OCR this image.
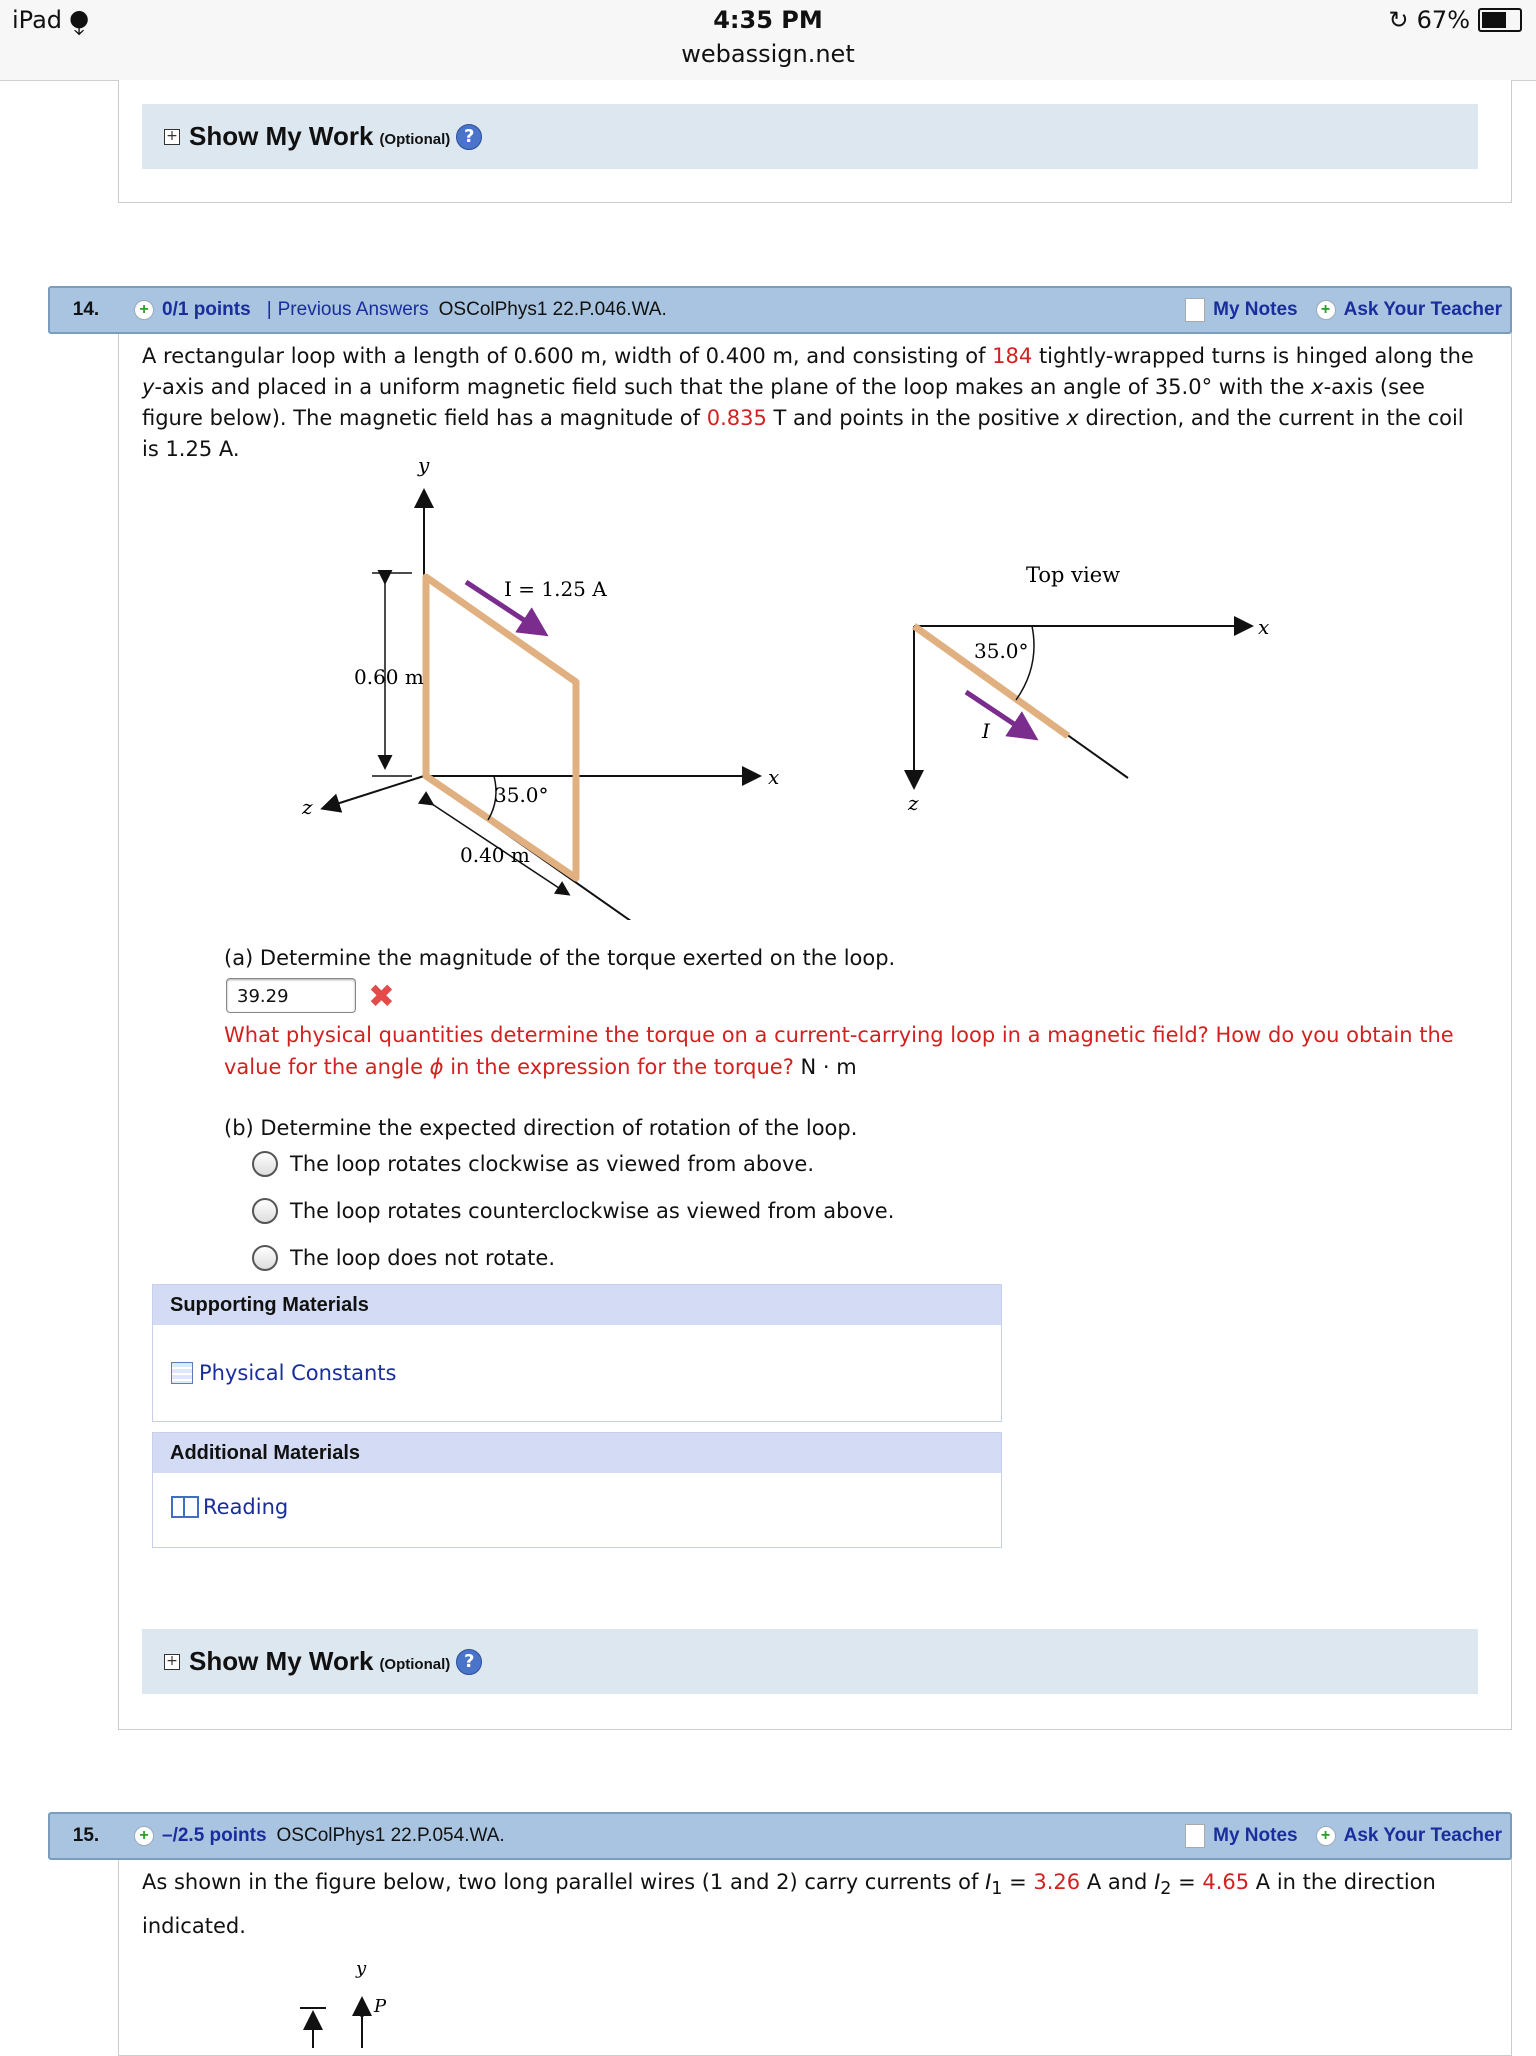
iPad ⧭	4:35 PM
webassign.net
↻ 67%
+ Show My Work (Optional) ?
14.	+ 0/1 points | Previous Answers OSColPhys1 22.P.046.WA.	My Notes	+ Ask Your Teacher
A rectangular loop with a length of 0.600 m, width of 0.400 m, and consisting of 184 tightly-wrapped turns is hinged along the y-axis and placed in a uniform magnetic field such that the plane of the loop makes an angle of 35.0° with the x-axis (see figure below). The magnetic field has a magnitude of 0.835 T and points in the positive x direction, and the current in the coil is 1.25 A.
y
x
z
I = 1.25 A
0.60 m
0.40 m
35.0°
Top view
x
z
35.0°
I
(a) Determine the magnitude of the torque exerted on the loop.
39.29	✖
What physical quantities determine the torque on a current-carrying loop in a magnetic field? How do you obtain the value for the angle ϕ in the expression for the torque? N · m
(b) Determine the expected direction of rotation of the loop.
The loop rotates clockwise as viewed from above.
The loop rotates counterclockwise as viewed from above.
The loop does not rotate.
Supporting Materials
Physical Constants
Additional Materials
Reading
+ Show My Work (Optional) ?
15.	+ –/2.5 points OSColPhys1 22.P.054.WA.	My Notes	+ Ask Your Teacher
As shown in the figure below, two long parallel wires (1 and 2) carry currents of $I_1 = 3.26$ A and $I_2 = 4.65$ A in the direction indicated.
y
P
